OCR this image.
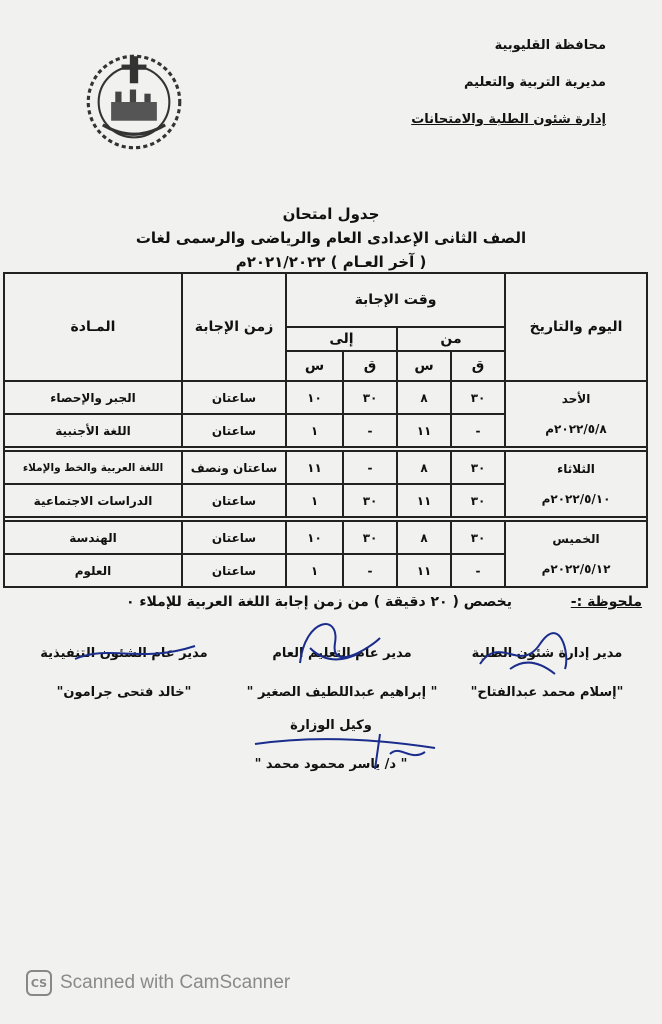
محافظة القليوبية
مديرية التربية والتعليم
إدارة شئون الطلبة والامتحانات
جدول امتحان
الصف الثانى الإعدادى العام والرياضى والرسمى لغات
( آخر العـام ) ٢٠٢١/٢٠٢٢م
اليوم والتاريخ	وقت الإجابة				زمن الإجابة	المـادة
	من		إلى			
	ق	س	ق	س		
الأحد
٢٠٢٢/٥/٨م	٣٠	٨	٣٠	١٠	ساعتان	الجبر والإحصاء
	-	١١	-	١	ساعتان	اللغة الأجنبية

الثلاثاء
٢٠٢٢/٥/١٠م	٣٠	٨	-	١١	ساعتان ونصف	اللغة العربية والخط والإملاء
	٣٠	١١	٣٠	١	ساعتان	الدراسات الاجتماعية

الخميس
٢٠٢٢/٥/١٢م	٣٠	٨	٣٠	١٠	ساعتان	الهندسة
	-	١١	-	١	ساعتان	العلوم
ملحوظة :-
يخصص ( ٢٠ دقيقة ) من زمن إجابة اللغة العربية للإملاء ٠
مدير إدارة شئون الطلبة
"إسلام محمد عبدالفتاح"
مدير عام التعليم العام
" إبراهيم عبداللطيف الصغير "
مدير عام الشئون التنفيذية
"خالد فتحى جرامون"
وكيل الوزارة
" د/ ياسر محمود محمد "
CS Scanned with CamScanner
